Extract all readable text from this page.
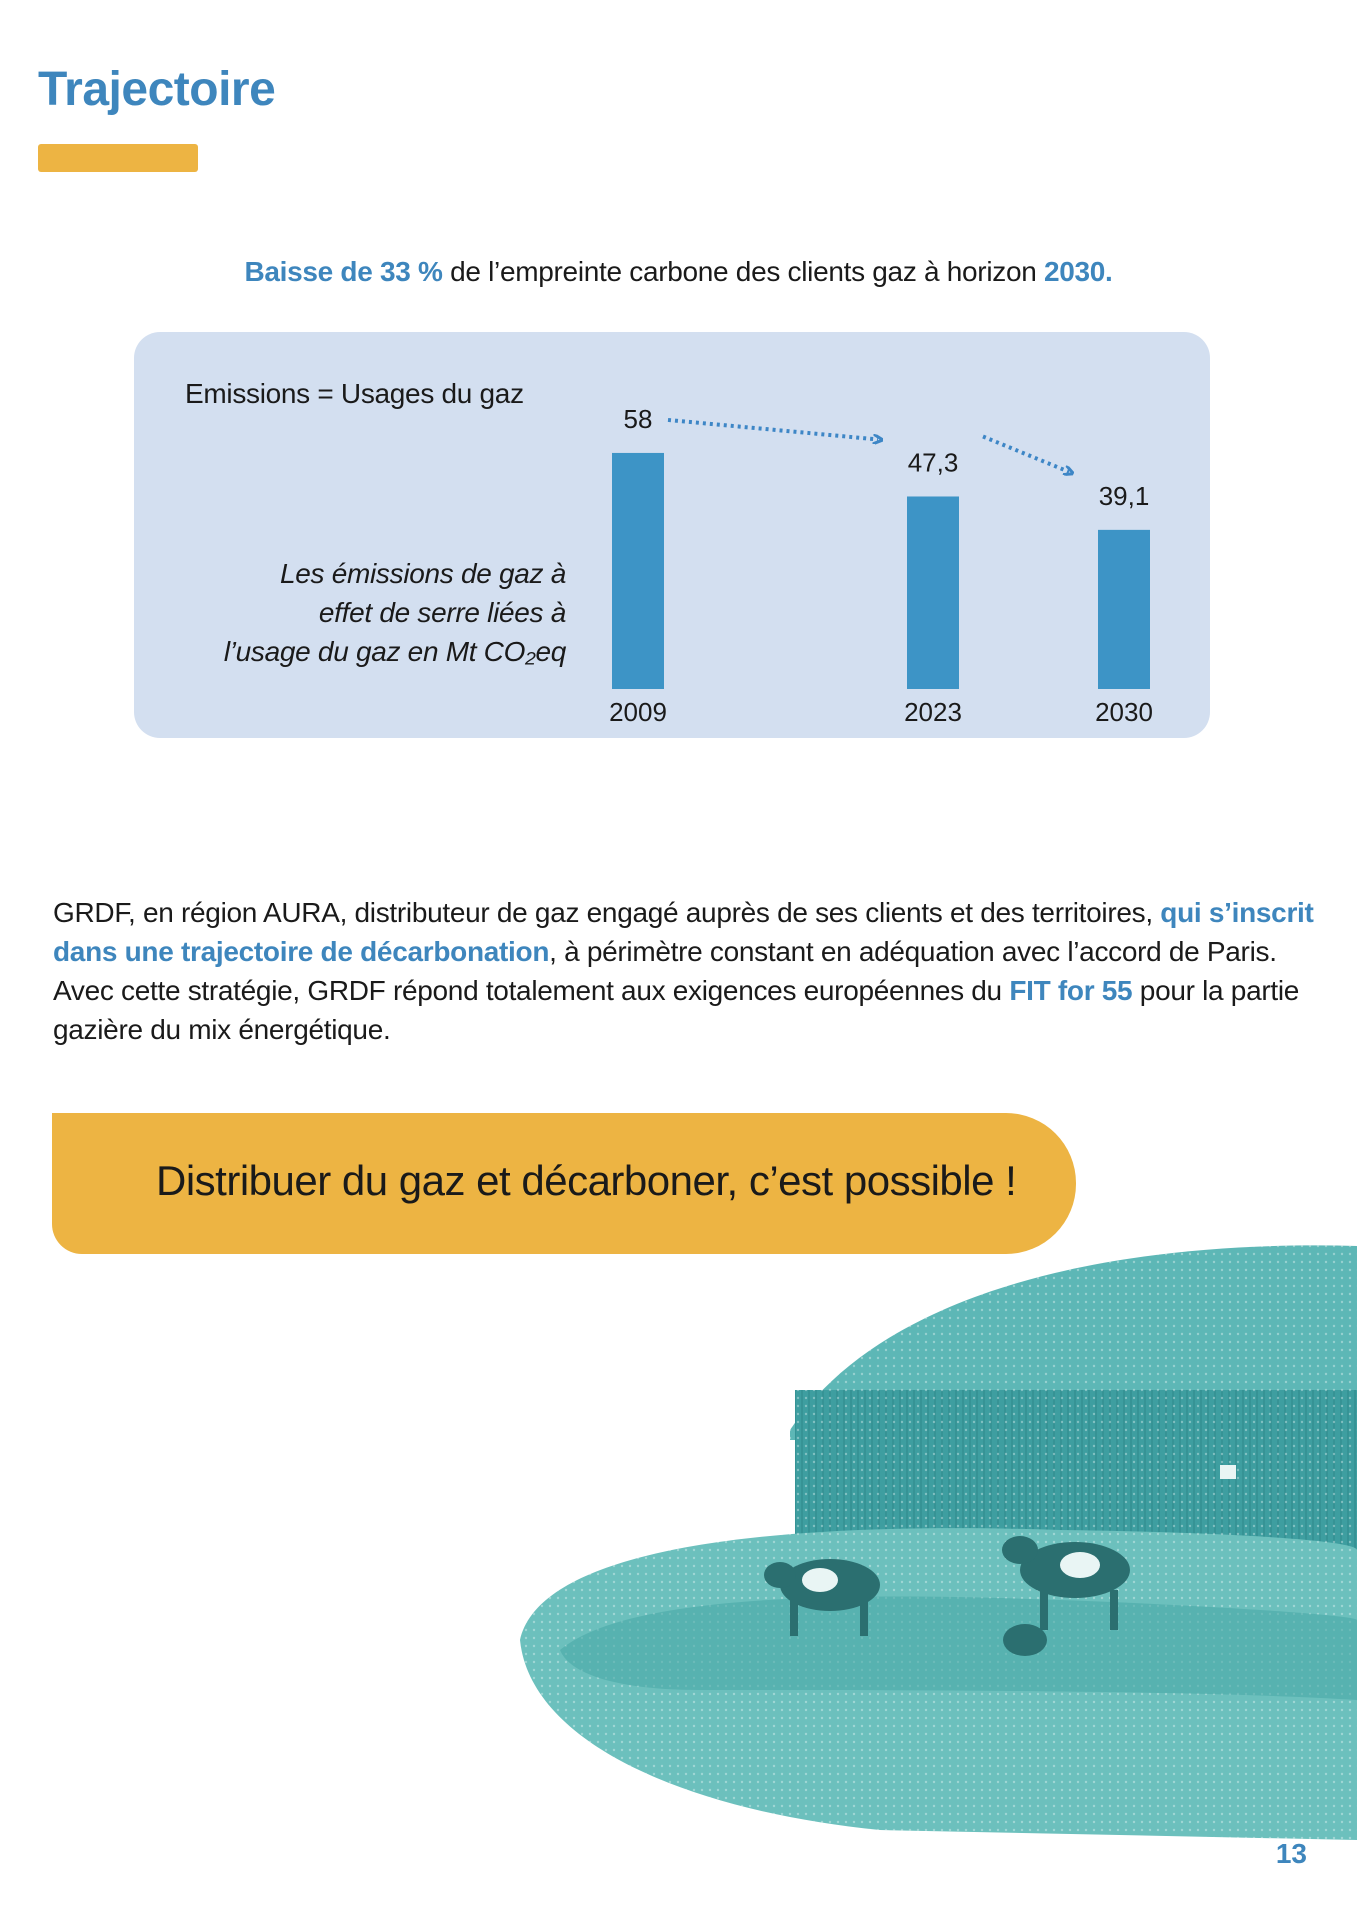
Trajectoire
Baisse de 33 % de l’empreinte carbone des clients gaz à horizon 2030.
Emissions = Usages du gaz
Les émissions de gaz à
effet de serre liées à
l’usage du gaz en Mt CO₂eq
58
2009
47,3
2023
39,1
2030
GRDF, en région AURA, distributeur de gaz engagé auprès de ses clients et des territoires, qui s’inscrit dans une trajectoire de décarbonation, à périmètre constant en adéquation avec l’accord de Paris. Avec cette stratégie, GRDF répond totalement aux exigences européennes du FIT for 55 pour la partie gazière du mix énergétique.
Distribuer du gaz et décarboner, c’est possible !
13
